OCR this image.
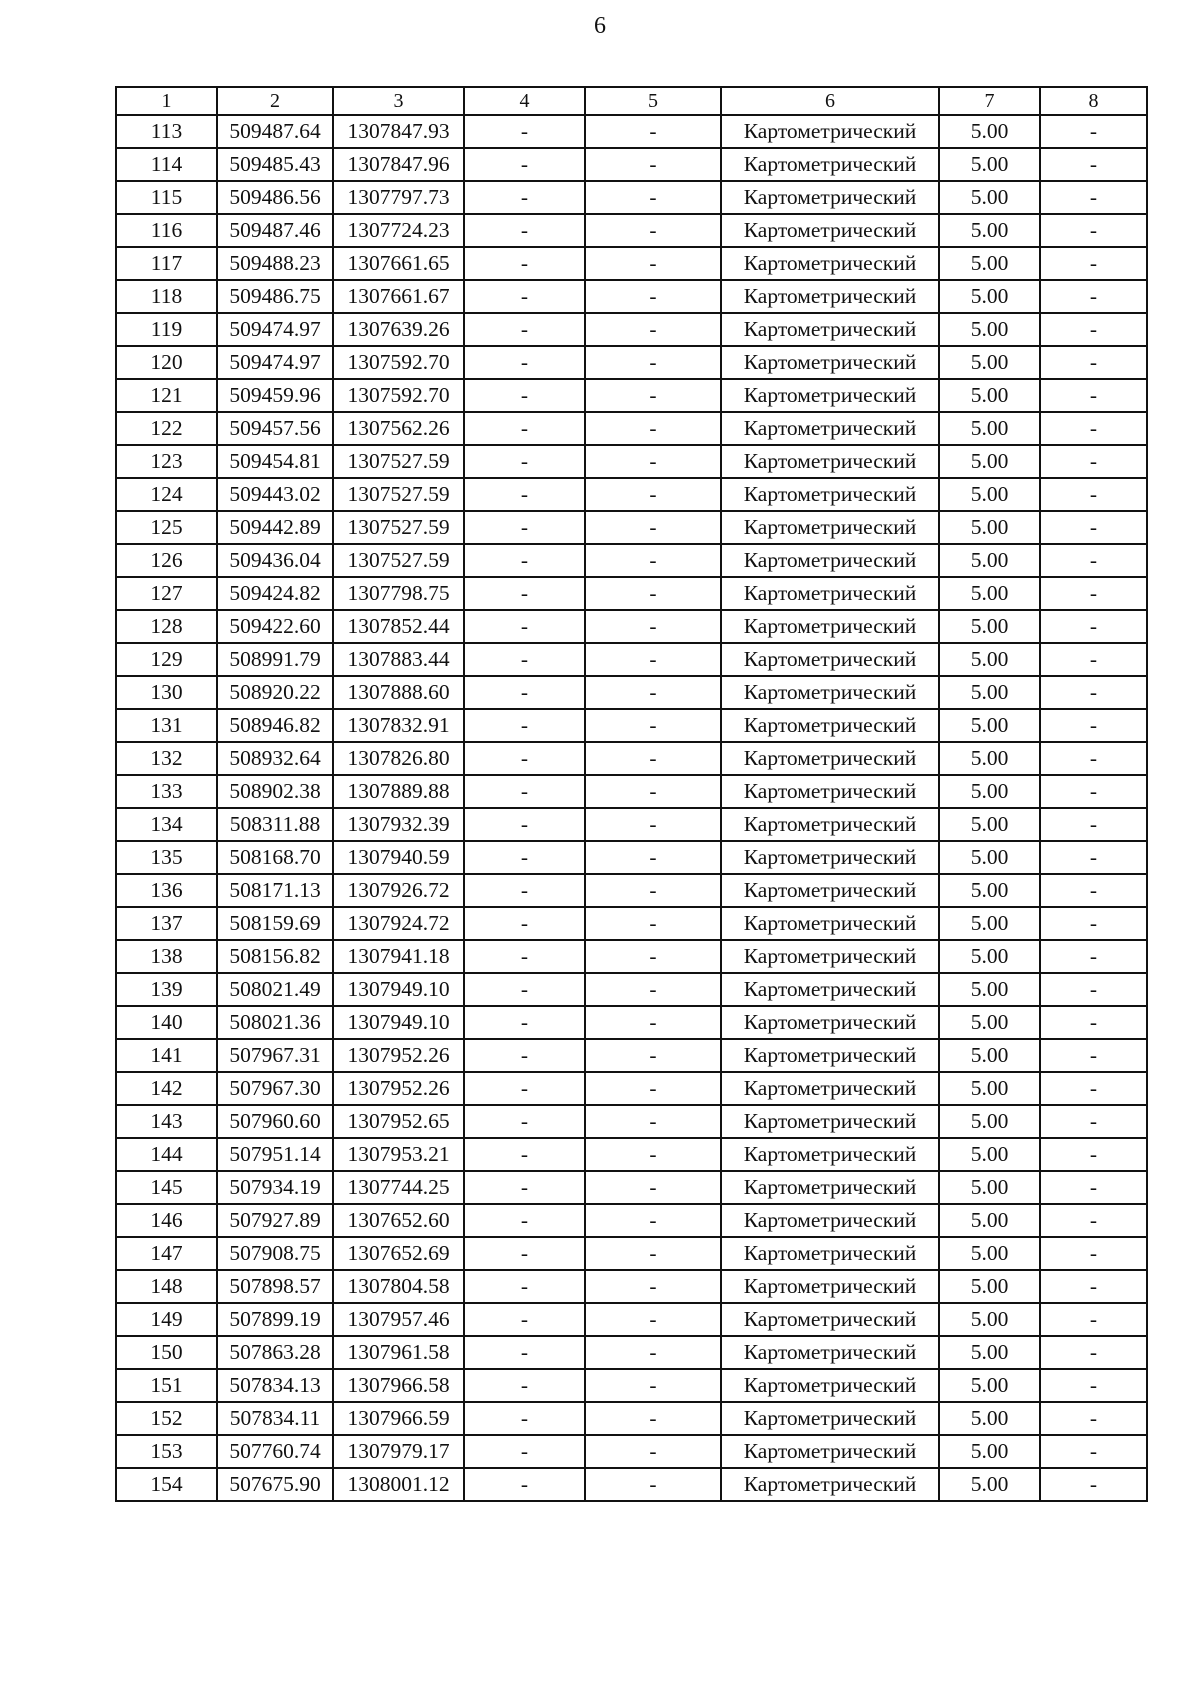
6
1	2	3	4	5	6	7	8
113	509487.64	1307847.93	-	-	Картометрический	5.00	-
114	509485.43	1307847.96	-	-	Картометрический	5.00	-
115	509486.56	1307797.73	-	-	Картометрический	5.00	-
116	509487.46	1307724.23	-	-	Картометрический	5.00	-
117	509488.23	1307661.65	-	-	Картометрический	5.00	-
118	509486.75	1307661.67	-	-	Картометрический	5.00	-
119	509474.97	1307639.26	-	-	Картометрический	5.00	-
120	509474.97	1307592.70	-	-	Картометрический	5.00	-
121	509459.96	1307592.70	-	-	Картометрический	5.00	-
122	509457.56	1307562.26	-	-	Картометрический	5.00	-
123	509454.81	1307527.59	-	-	Картометрический	5.00	-
124	509443.02	1307527.59	-	-	Картометрический	5.00	-
125	509442.89	1307527.59	-	-	Картометрический	5.00	-
126	509436.04	1307527.59	-	-	Картометрический	5.00	-
127	509424.82	1307798.75	-	-	Картометрический	5.00	-
128	509422.60	1307852.44	-	-	Картометрический	5.00	-
129	508991.79	1307883.44	-	-	Картометрический	5.00	-
130	508920.22	1307888.60	-	-	Картометрический	5.00	-
131	508946.82	1307832.91	-	-	Картометрический	5.00	-
132	508932.64	1307826.80	-	-	Картометрический	5.00	-
133	508902.38	1307889.88	-	-	Картометрический	5.00	-
134	508311.88	1307932.39	-	-	Картометрический	5.00	-
135	508168.70	1307940.59	-	-	Картометрический	5.00	-
136	508171.13	1307926.72	-	-	Картометрический	5.00	-
137	508159.69	1307924.72	-	-	Картометрический	5.00	-
138	508156.82	1307941.18	-	-	Картометрический	5.00	-
139	508021.49	1307949.10	-	-	Картометрический	5.00	-
140	508021.36	1307949.10	-	-	Картометрический	5.00	-
141	507967.31	1307952.26	-	-	Картометрический	5.00	-
142	507967.30	1307952.26	-	-	Картометрический	5.00	-
143	507960.60	1307952.65	-	-	Картометрический	5.00	-
144	507951.14	1307953.21	-	-	Картометрический	5.00	-
145	507934.19	1307744.25	-	-	Картометрический	5.00	-
146	507927.89	1307652.60	-	-	Картометрический	5.00	-
147	507908.75	1307652.69	-	-	Картометрический	5.00	-
148	507898.57	1307804.58	-	-	Картометрический	5.00	-
149	507899.19	1307957.46	-	-	Картометрический	5.00	-
150	507863.28	1307961.58	-	-	Картометрический	5.00	-
151	507834.13	1307966.58	-	-	Картометрический	5.00	-
152	507834.11	1307966.59	-	-	Картометрический	5.00	-
153	507760.74	1307979.17	-	-	Картометрический	5.00	-
154	507675.90	1308001.12	-	-	Картометрический	5.00	-
